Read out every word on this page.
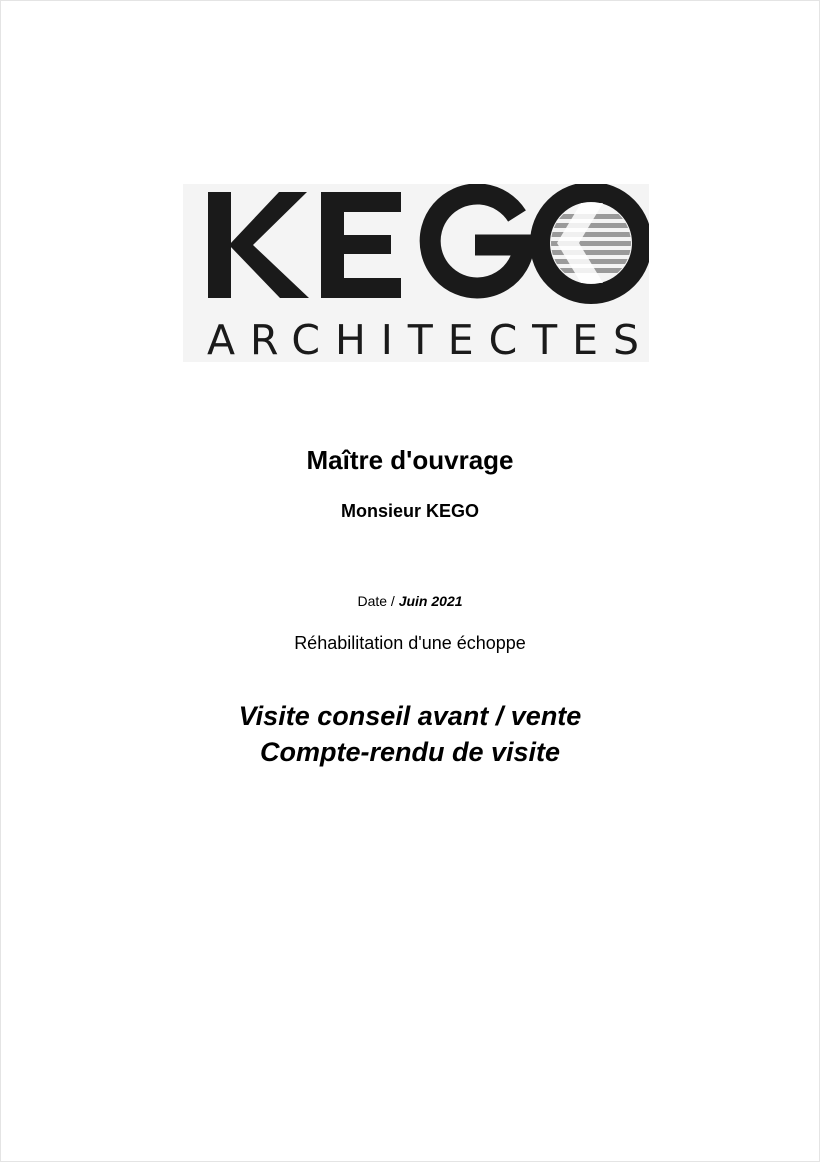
ARCHITECTES
Maître d'ouvrage
Monsieur KEGO
Date / Juin 2021
Réhabilitation d'une échoppe
Visite conseil avant / vente
Compte-rendu de visite
